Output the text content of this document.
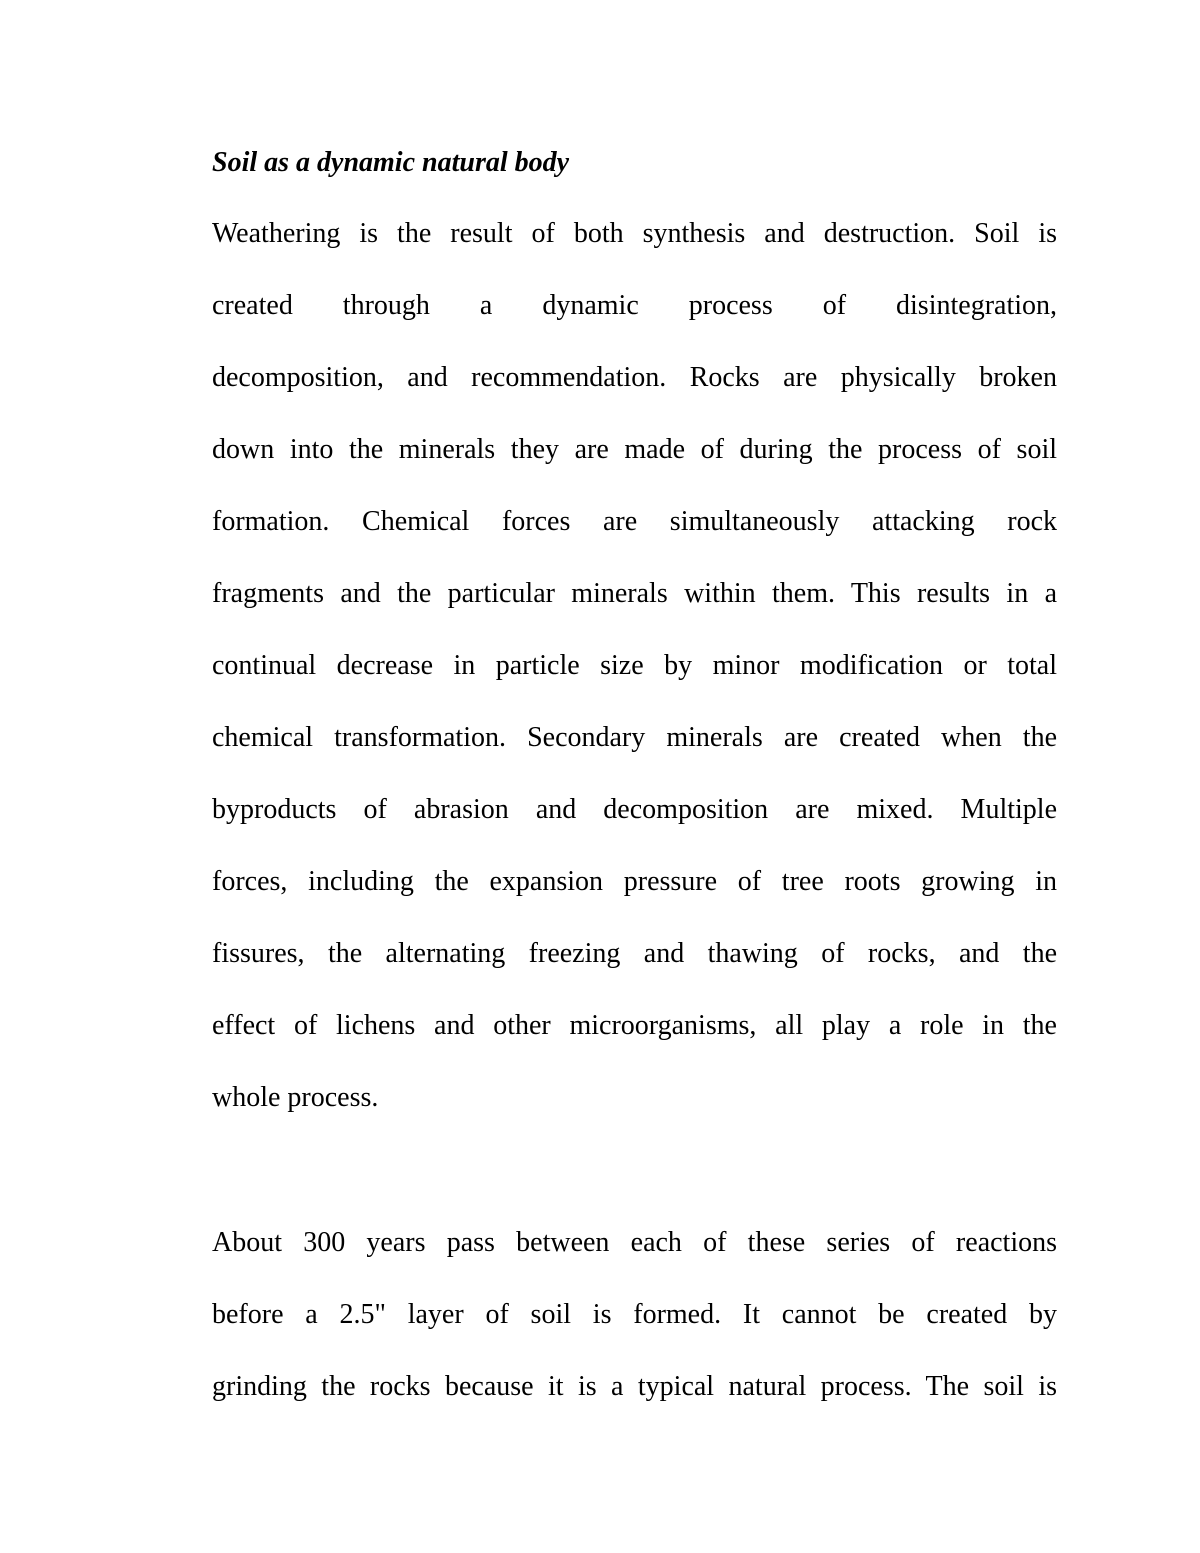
Soil as a dynamic natural body

Weathering is the result of both synthesis and destruction. Soil is

created through a dynamic process of disintegration,

decomposition, and recommendation. Rocks are physically broken

down into the minerals they are made of during the process of soil

formation. Chemical forces are simultaneously attacking rock

fragments and the particular minerals within them. This results in a

continual decrease in particle size by minor modification or total

chemical transformation. Secondary minerals are created when the

byproducts of abrasion and decomposition are mixed. Multiple

forces, including the expansion pressure of tree roots growing in

fissures, the alternating freezing and thawing of rocks, and the

effect of lichens and other microorganisms, all play a role in the

whole process.

About 300 years pass between each of these series of reactions

before a 2.5" layer of soil is formed. It cannot be created by

grinding the rocks because it is a typical natural process. The soil is
